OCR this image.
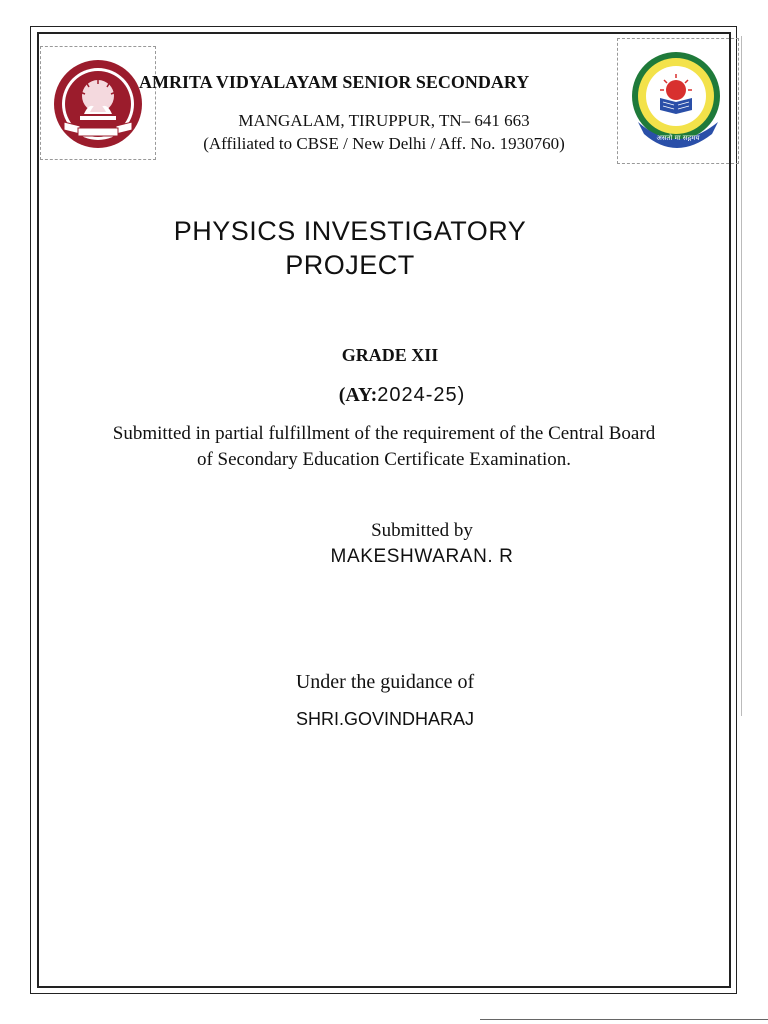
असतो मा सद्गमय
AMRITA VIDYALAYAM SENIOR SECONDARY
MANGALAM, TIRUPPUR, TN– 641 663
(Affiliated to CBSE / New Delhi / Aff. No. 1930760)
PHYSICS INVESTIGATORY
PROJECT
GRADE XII
(AY:2024-25)
Submitted in partial fulfillment of the requirement of the Central Board
of Secondary Education Certificate Examination.
Submitted by
MAKESHWARAN. R
Under the guidance of
SHRI.GOVINDHARAJ
